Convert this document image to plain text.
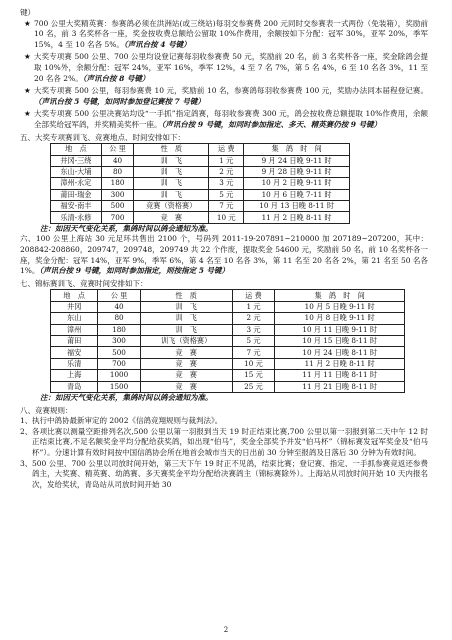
键）

★ 700 公里大奖精英赛：参赛鸽必须在洪洲站(或三绕站)每羽交参赛费 200 元同时交参赛表一式两份（免装箱），奖励前 10 名，前 3 名奖杯各一座，奖金按收费总额给公留取 10%作费用，余额按如下分配：冠军 30%，亚军 20%，季军 15%，4 至 10 名各 5%。（声讯台按 4 号键）
★ 大奖专项赛 500 公里、700 公里均设登记赛每羽收参赛费 50 元，奖励前 20 名，前 3 名奖杯各一座，奖金除鸽会提取 10%外，余额分配：冠军 24%，亚军 16%，季军 12%，4 至 7 名 7%，第 5 名 4%，6 至 10 名各 3%，11 至 20 名各 2%。（声讯台按 8 号键）
★ 大奖专项赛 500 公里，每羽参赛费 10 元，奖励前 10 名，参赛鸽每羽收参赛费 100 元，奖励办法同本届程登记赛。（声讯台按 5 号键，如同时参加登记赛按 7 号键）
★ 大奖专项赛 500 公里决赛站均设“一手抓”指定鸽赛，每羽收参赛费 300 元，鸽会按收费总额提取 10%作费用，余额全部奖给冠军鸽，并奖精美奖杯一座。（声讯台按 9 号键，如同时参加指定、多天、精英赛仍按 9 号键）

五、大奖专项赛训飞、竞赛地点、时间安排如下：

地　点	公 里	性　质	运 费	集　鸽　时　间
井冈-三绕	40	训　飞	1 元	9 月 24 日晚 9-11 时
东山-大埔	80	训　飞	2 元	9 月 28 日晚 9-11 时
漳州-永定	180	训　飞	3 元	10 月 2 日晚 9-11 时
莆田-瑞金	300	训　飞	5 元	10 月 6 日晚 7-11 时
福安-南丰	500	竞赛（资格赛）	7 元	10 月 13 日晚 8-11 时
乐清-永修	700	竞　赛	10 元	11 月 2 日晚 8-11 时

注：如因天气变化关系，集鸽时间以鸽会通知为准。

六、100 公里上海站 30 元足环共售出 2100 个，号码列 2011-19-207891~210000 加 207189~207200，其中：208842-208860，209747，209748，209749 共 22 个作废，提取奖金 54600 元，奖励前 50 名，前 10 名奖杯各一座，奖金分配：冠军 14%，亚军 9%，季军 6%，第 4 名至 10 名各 3%，第 11 名至 20 名各 2%，第 21 名至 50 名各 1%。（声讯台按 9 号键，如同时参加指定，则按指定 5 号键）

七、锦标赛训飞、竞赛时间安排如下：

地　点	公 里	性　质	运 费	集　鸽　时　间
井冈	40	训　飞	1 元	10 月 5 日晚 9-11 时
东山	80	训　飞	2 元	10 月 8 日晚 9-11 时
漳州	180	训　飞	3 元	10 月 11 日晚 9-11 时
莆田	300	训飞（资格赛）	5 元	10 月 15 日晚 8-11 时
福安	500	竞　赛	7 元	10 月 24 日晚 8-11 时
乐清	700	竞　赛	10 元	11 月 2 日晚 8-11 时
上海	1000	竞　赛	15 元	11 月 11 日晚 8-11 时
青岛	1500	竞　赛	25 元	11 月 21 日晚 8-11 时

注：如因天气变化关系，集鸽时间以鸽会通知为准。

八、竞赛规则：

1、 执行中鸽协最新审定的 2002《信鸽竞翔规则与裁判法》。

2、 各项比赛以测量空距排列名次,500 公里以第一羽报到当天 19 时正结束比赛,700 公里以第一羽报到第二天中午 12 时正结束比赛,不足名额奖金平均分配给获奖鸽，如出现“伯马”，奖金全部奖予并发“伯马杯”（锦标赛发冠军奖金及“伯马杯”）。分速计算有效时间按中国信鸽协会所在地首会城市当天的日出前 30 分钟至报鸽及日落后 30 分钟为有效时间。

3、 500 公里、700 公里以司放时间开始，第三天下午 19 时正不见鸽，结束比赛；登记赛、指定、一手抓参赛竞返还参费鸽主，大奖赛、精英赛、幼鸽赛、多天赛奖金平均分配给决赛鸽主（锦标赛除外）。上海站从司放时间开始 10 天内报名次，发给奖状，青岛站从司放时间开始 30

2
